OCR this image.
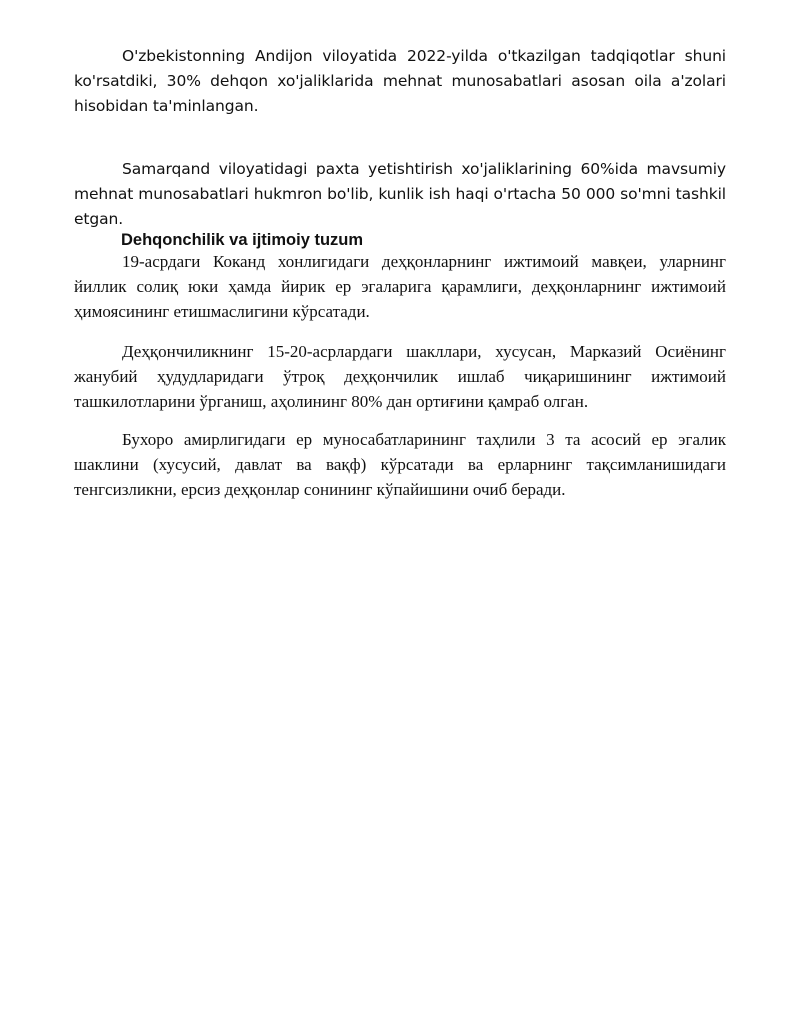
O'zbekistonning Andijon viloyatida 2022-yilda o'tkazilgan tadqiqotlar shuni ko'rsatdiki, 30% dehqon xo'jaliklarida mehnat munosabatlari asosan oila a'zolari hisobidan ta'minlangan.

Samarqand viloyatidagi paxta yetishtirish xo'jaliklarining 60%ida mavsumiy mehnat munosabatlari hukmron bo'lib, kunlik ish haqi o'rtacha 50 000 so'mni tashkil etgan.

Dehqonchilik va ijtimoiy tuzum

19-асрдаги Коканд хонлигидаги деҳқонларнинг ижтимоий мавқеи, уларнинг йиллик солиқ юки ҳамда йирик ер эгаларига қарамлиги, деҳқонларнинг ижтимоий ҳимоясининг етишмаслигини кўрсатади.

Деҳқончиликнинг 15-20-асрлардаги шакллари, хусусан, Марказий Осиёнинг жанубий ҳудудларидаги ўтроқ деҳқончилик ишлаб чиқаришининг ижтимоий ташкилотларини ўрганиш, аҳолининг 80% дан ортиғини қамраб олган.

Бухоро амирлигидаги ер муносабатларининг таҳлили 3 та асосий ер эгалик шаклини (хусусий, давлат ва вақф) кўрсатади ва ерларнинг тақсимланишидаги тенгсизликни, ерсиз деҳқонлар сонининг кўпайишини очиб беради.
